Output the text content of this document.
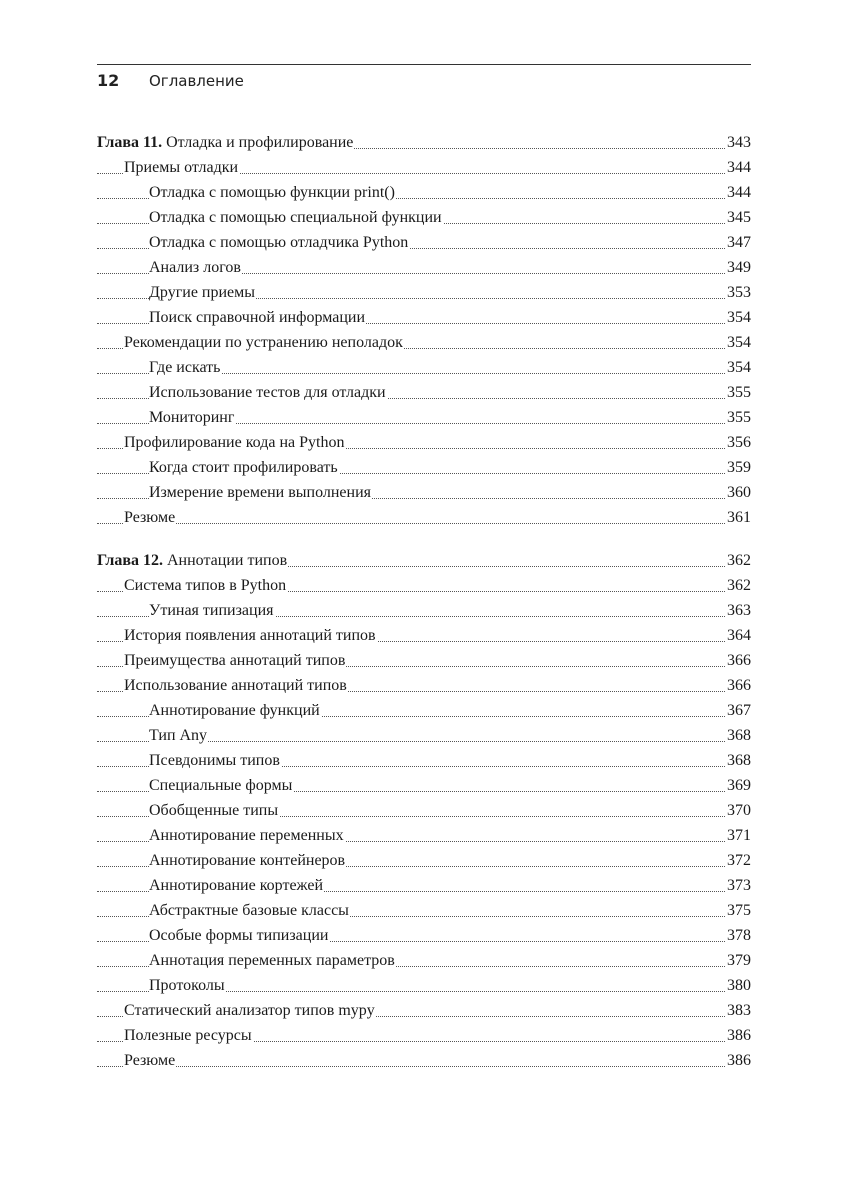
12	Оглавление
Глава 11. Отладка и профилирование	343
Приемы отладки	344
Отладка с помощью функции print()	344
Отладка с помощью специальной функции	345
Отладка с помощью отладчика Python	347
Анализ логов	349
Другие приемы	353
Поиск справочной информации	354
Рекомендации по устранению неполадок	354
Где искать	354
Использование тестов для отладки	355
Мониторинг	355
Профилирование кода на Python	356
Когда стоит профилировать	359
Измерение времени выполнения	360
Резюме	361
Глава 12. Аннотации типов	362
Система типов в Python	362
Утиная типизация	363
История появления аннотаций типов	364
Преимущества аннотаций типов	366
Использование аннотаций типов	366
Аннотирование функций	367
Тип Any	368
Псевдонимы типов	368
Специальные формы	369
Обобщенные типы	370
Аннотирование переменных	371
Аннотирование контейнеров	372
Аннотирование кортежей	373
Абстрактные базовые классы	375
Особые формы типизации	378
Аннотация переменных параметров	379
Протоколы	380
Статический анализатор типов mypy	383
Полезные ресурсы	386
Резюме	386
